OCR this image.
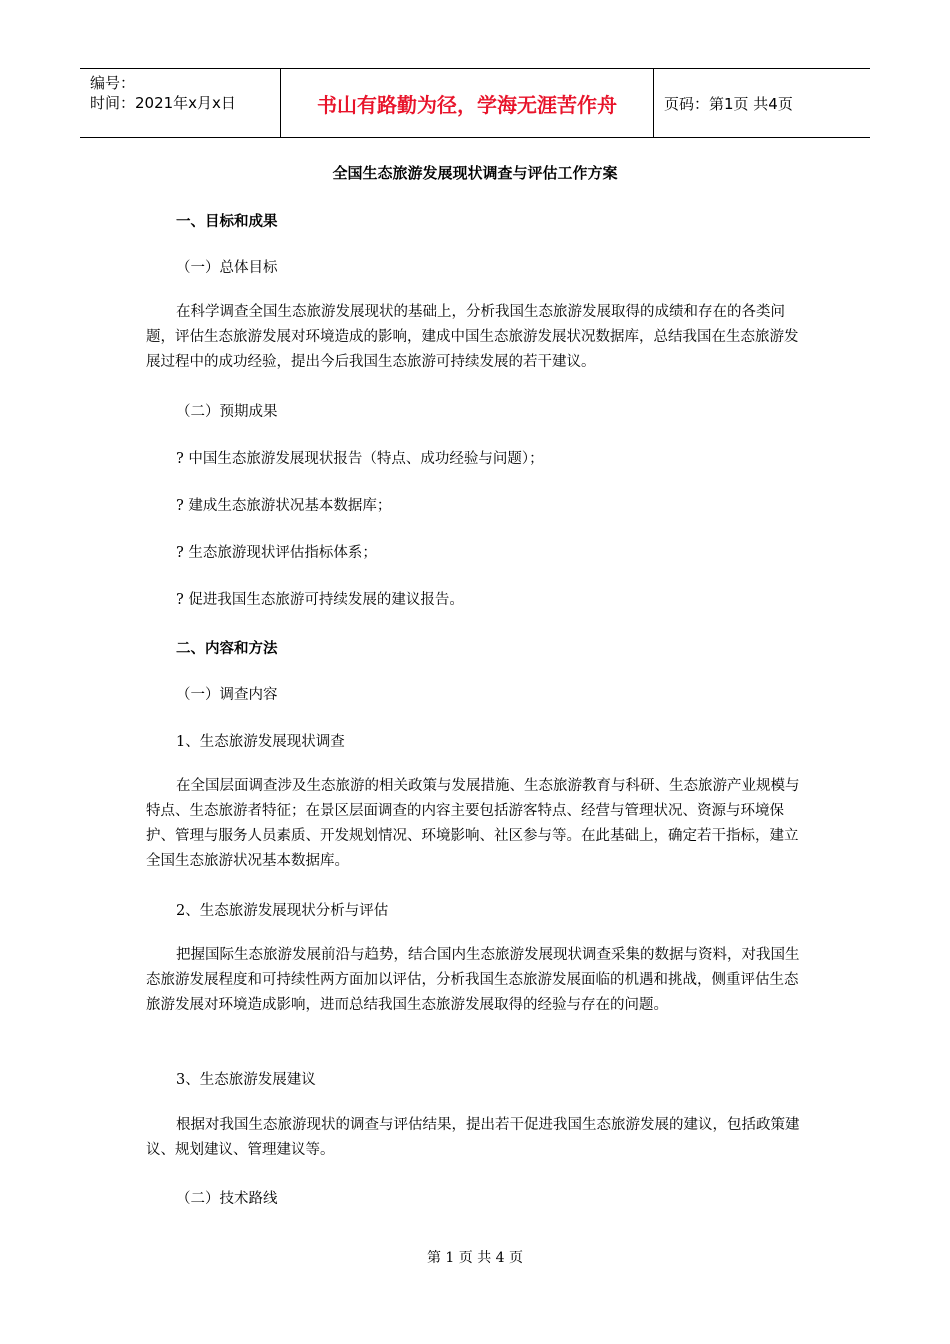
编号：
时间：2021年x月x日	书山有路勤为径，学海无涯苦作舟	页码：第1页 共4页
全国生态旅游发展现状调查与评估工作方案
一、目标和成果
（一）总体目标
在科学调查全国生态旅游发展现状的基础上，分析我国生态旅游发展取得的成绩和存在的各类问题，评估生态旅游发展对环境造成的影响，建成中国生态旅游发展状况数据库，总结我国在生态旅游发展过程中的成功经验，提出今后我国生态旅游可持续发展的若干建议。
（二）预期成果
? 中国生态旅游发展现状报告（特点、成功经验与问题）；
? 建成生态旅游状况基本数据库；
? 生态旅游现状评估指标体系；
? 促进我国生态旅游可持续发展的建议报告。
二、内容和方法
（一）调查内容
1、生态旅游发展现状调查
在全国层面调查涉及生态旅游的相关政策与发展措施、生态旅游教育与科研、生态旅游产业规模与特点、生态旅游者特征；在景区层面调查的内容主要包括游客特点、经营与管理状况、资源与环境保护、管理与服务人员素质、开发规划情况、环境影响、社区参与等。在此基础上，确定若干指标，建立全国生态旅游状况基本数据库。
2、生态旅游发展现状分析与评估
把握国际生态旅游发展前沿与趋势，结合国内生态旅游发展现状调查采集的数据与资料，对我国生态旅游发展程度和可持续性两方面加以评估，分析我国生态旅游发展面临的机遇和挑战，侧重评估生态旅游发展对环境造成影响，进而总结我国生态旅游发展取得的经验与存在的问题。
3、生态旅游发展建议
根据对我国生态旅游现状的调查与评估结果，提出若干促进我国生态旅游发展的建议，包括政策建议、规划建议、管理建议等。
（二）技术路线
第 1 页 共 4 页
